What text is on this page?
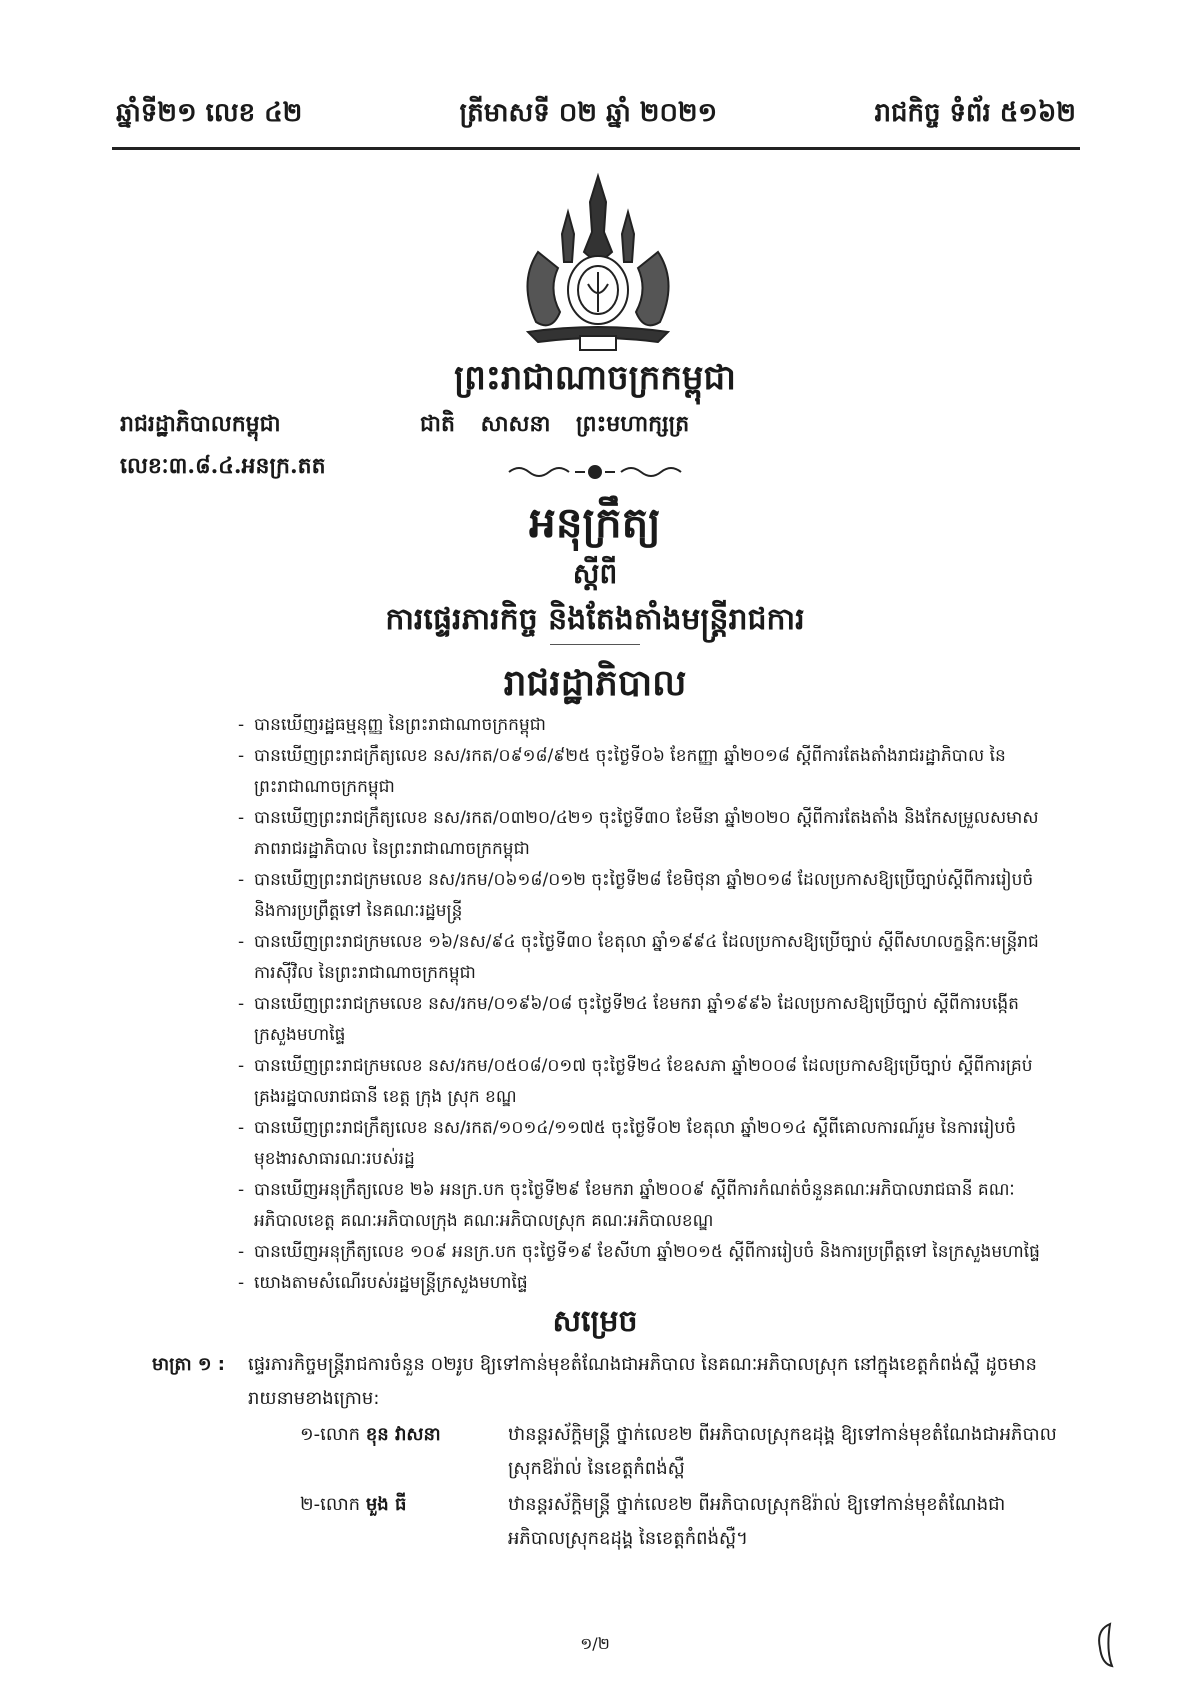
ឆ្នាំទី២១ លេខ ៤២	ត្រីមាសទី ០២ ឆ្នាំ ២០២១	រាជកិច្ច ទំព័រ ៥១៦២
ព្រះរាជាណាចក្រកម្ពុជា
រាជរដ្ឋាភិបាលកម្ពុជា	ជាតិ សាសនា ព្រះមហាក្សត្រ
លេខៈ៣.៨.៤.អនក្រ.តត
អនុក្រឹត្យ
ស្ដីពី
ការផ្ទេរភារកិច្ច និងតែងតាំងមន្ត្រីរាជការ
រាជរដ្ឋាភិបាល
- បានឃើញរដ្ឋធម្មនុញ្ញ នៃព្រះរាជាណាចក្រកម្ពុជា
- បានឃើញព្រះរាជក្រឹត្យលេខ នស/រកត/០៩១៨/៩២៥ ចុះថ្ងៃទី០៦ ខែកញ្ញា ឆ្នាំ២០១៨ ស្ដីពីការតែងតាំងរាជរដ្ឋាភិបាល នៃព្រះរាជាណាចក្រកម្ពុជា
- បានឃើញព្រះរាជក្រឹត្យលេខ នស/រកត/០៣២០/៤២១ ចុះថ្ងៃទី៣០ ខែមីនា ឆ្នាំ២០២០ ស្ដីពីការតែងតាំង និងកែសម្រួលសមាសភាពរាជរដ្ឋាភិបាល នៃព្រះរាជាណាចក្រកម្ពុជា
- បានឃើញព្រះរាជក្រមលេខ នស/រកម/០៦១៨/០១២ ចុះថ្ងៃទី២៨ ខែមិថុនា ឆ្នាំ២០១៨ ដែលប្រកាសឱ្យប្រើច្បាប់ស្ដីពីការរៀបចំ និងការប្រព្រឹត្តទៅ នៃគណៈរដ្ឋមន្ត្រី
- បានឃើញព្រះរាជក្រមលេខ ១៦/នស/៩៤ ចុះថ្ងៃទី៣០ ខែតុលា ឆ្នាំ១៩៩៤ ដែលប្រកាសឱ្យប្រើច្បាប់ ស្ដីពីសហលក្ខន្តិកៈមន្ត្រីរាជការស៊ីវិល នៃព្រះរាជាណាចក្រកម្ពុជា
- បានឃើញព្រះរាជក្រមលេខ នស/រកម/០១៩៦/០៨ ចុះថ្ងៃទី២៤ ខែមករា ឆ្នាំ១៩៩៦ ដែលប្រកាសឱ្យប្រើច្បាប់ ស្ដីពីការបង្កើតក្រសួងមហាផ្ទៃ
- បានឃើញព្រះរាជក្រមលេខ នស/រកម/០៥០៨/០១៧ ចុះថ្ងៃទី២៤ ខែឧសភា ឆ្នាំ២០០៨ ដែលប្រកាសឱ្យប្រើច្បាប់ ស្ដីពីការគ្រប់គ្រងរដ្ឋបាលរាជធានី ខេត្ត ក្រុង ស្រុក ខណ្ឌ
- បានឃើញព្រះរាជក្រឹត្យលេខ នស/រកត/១០១៤/១១៧៥ ចុះថ្ងៃទី០២ ខែតុលា ឆ្នាំ២០១៤ ស្ដីពីគោលការណ៍រួម នៃការរៀបចំមុខងារសាធារណៈរបស់រដ្ឋ
- បានឃើញអនុក្រឹត្យលេខ ២៦ អនក្រ.បក ចុះថ្ងៃទី២៩ ខែមករា ឆ្នាំ២០០៩ ស្ដីពីការកំណត់ចំនួនគណៈអភិបាលរាជធានី គណៈអភិបាលខេត្ត គណៈអភិបាលក្រុង គណៈអភិបាលស្រុក គណៈអភិបាលខណ្ឌ
- បានឃើញអនុក្រឹត្យលេខ ១០៩ អនក្រ.បក ចុះថ្ងៃទី១៩ ខែសីហា ឆ្នាំ២០១៥ ស្ដីពីការរៀបចំ និងការប្រព្រឹត្តទៅ នៃក្រសួងមហាផ្ទៃ
- យោងតាមសំណើរបស់រដ្ឋមន្ត្រីក្រសួងមហាផ្ទៃ
សម្រេច
មាត្រា ១ :	ផ្ទេរភារកិច្ចមន្ត្រីរាជការចំនួន ០២រូប ឱ្យទៅកាន់មុខតំណែងជាអភិបាល នៃគណៈអភិបាលស្រុក នៅក្នុងខេត្តកំពង់ស្ពឺ ដូចមានរាយនាមខាងក្រោម:
១-លោក ខុន វាសនា	ឋានន្តរស័ក្តិមន្ត្រី ថ្នាក់លេខ២ ពីអភិបាលស្រុកឧដុង្គ ឱ្យទៅកាន់មុខតំណែងជាអភិបាលស្រុកឱរ៉ាល់ នៃខេត្តកំពង់ស្ពឺ
២-លោក មួង ធី	ឋានន្តរស័ក្តិមន្ត្រី ថ្នាក់លេខ២ ពីអភិបាលស្រុកឱរ៉ាល់ ឱ្យទៅកាន់មុខតំណែងជាអភិបាលស្រុកឧដុង្គ នៃខេត្តកំពង់ស្ពឺ។
១/២
